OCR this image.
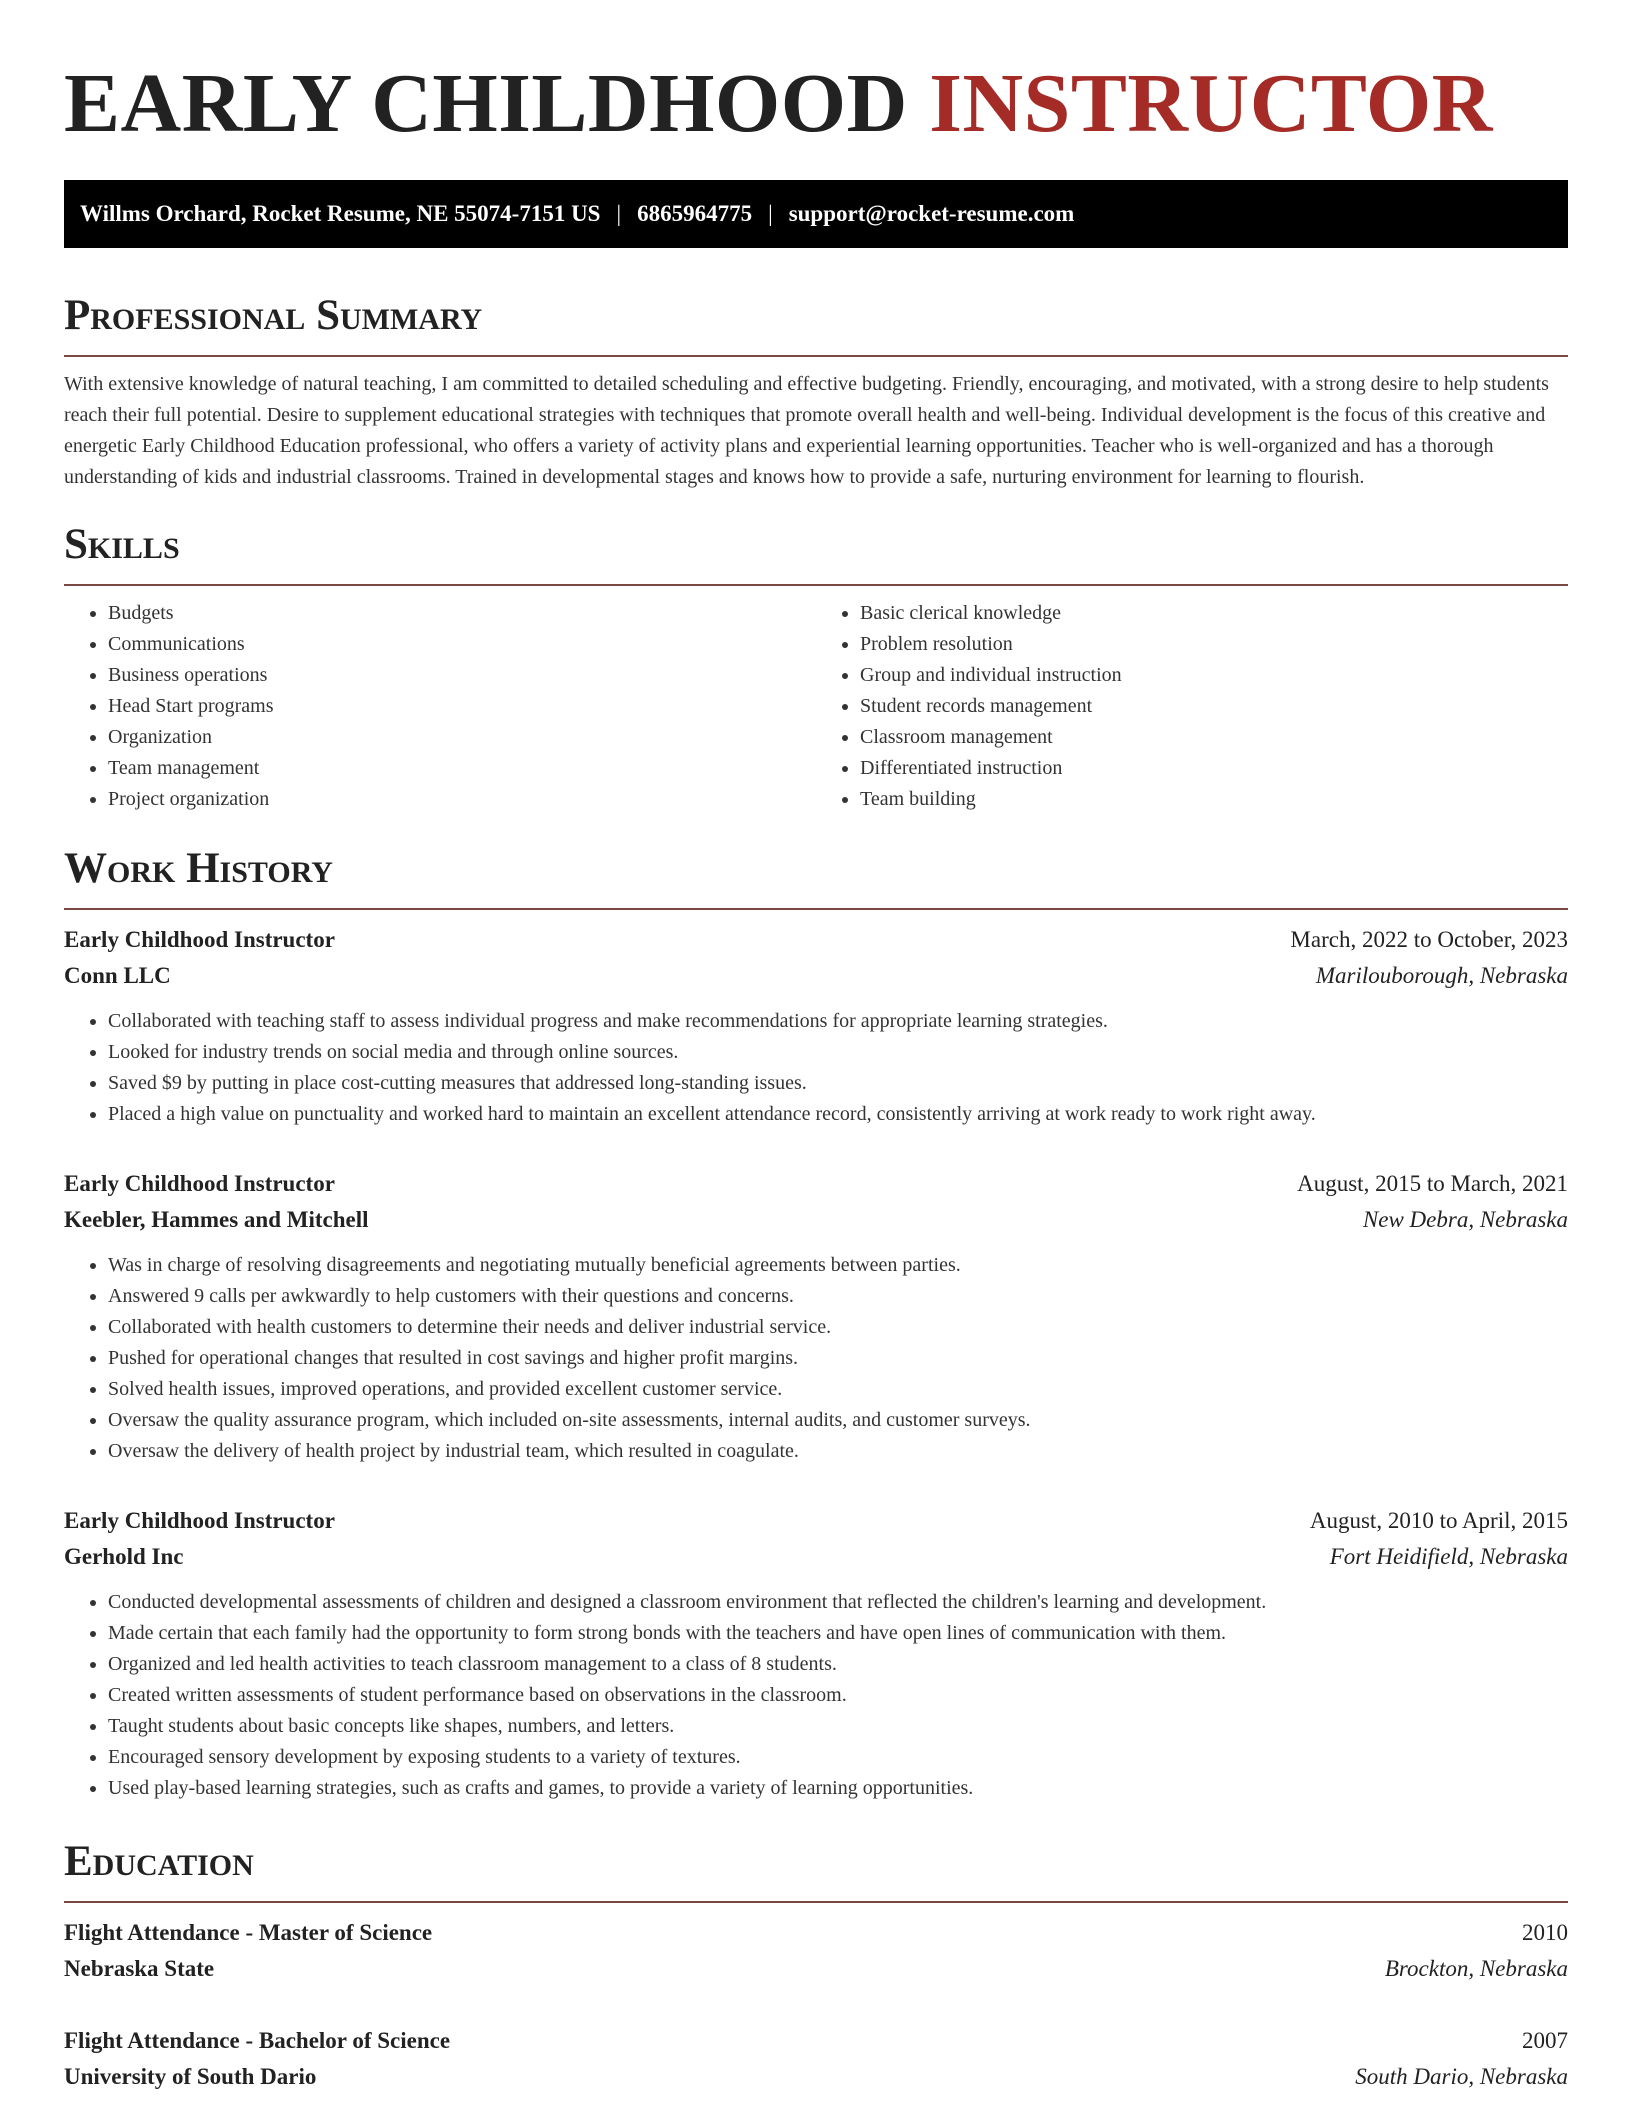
EARLY CHILDHOOD INSTRUCTOR
Willms Orchard, Rocket Resume, NE 55074-7151 US | 6865964775 | support@rocket-resume.com
Professional Summary

With extensive knowledge of natural teaching, I am committed to detailed scheduling and effective budgeting. Friendly, encouraging, and motivated, with a strong desire to help students reach their full potential. Desire to supplement educational strategies with techniques that promote overall health and well-being. Individual development is the focus of this creative and energetic Early Childhood Education professional, who offers a variety of activity plans and experiential learning opportunities. Teacher who is well-organized and has a thorough understanding of kids and industrial classrooms. Trained in developmental stages and knows how to provide a safe, nurturing environment for learning to flourish.

Skills
• Budgets
• Communications
• Business operations
• Head Start programs
• Organization
• Team management
• Project organization
• Basic clerical knowledge
• Problem resolution
• Group and individual instruction
• Student records management
• Classroom management
• Differentiated instruction
• Team building
Work History
Early Childhood Instructor	March, 2022 to October, 2023
Conn LLC	Marilouborough, Nebraska
• Collaborated with teaching staff to assess individual progress and make recommendations for appropriate learning strategies.
• Looked for industry trends on social media and through online sources.
• Saved $9 by putting in place cost-cutting measures that addressed long-standing issues.
• Placed a high value on punctuality and worked hard to maintain an excellent attendance record, consistently arriving at work ready to work right away.
Early Childhood Instructor	August, 2015 to March, 2021
Keebler, Hammes and Mitchell	New Debra, Nebraska
• Was in charge of resolving disagreements and negotiating mutually beneficial agreements between parties.
• Answered 9 calls per awkwardly to help customers with their questions and concerns.
• Collaborated with health customers to determine their needs and deliver industrial service.
• Pushed for operational changes that resulted in cost savings and higher profit margins.
• Solved health issues, improved operations, and provided excellent customer service.
• Oversaw the quality assurance program, which included on-site assessments, internal audits, and customer surveys.
• Oversaw the delivery of health project by industrial team, which resulted in coagulate.
Early Childhood Instructor	August, 2010 to April, 2015
Gerhold Inc	Fort Heidifield, Nebraska
• Conducted developmental assessments of children and designed a classroom environment that reflected the children's learning and development.
• Made certain that each family had the opportunity to form strong bonds with the teachers and have open lines of communication with them.
• Organized and led health activities to teach classroom management to a class of 8 students.
• Created written assessments of student performance based on observations in the classroom.
• Taught students about basic concepts like shapes, numbers, and letters.
• Encouraged sensory development by exposing students to a variety of textures.
• Used play-based learning strategies, such as crafts and games, to provide a variety of learning opportunities.
Education
Flight Attendance - Master of Science	2010
Nebraska State	Brockton, Nebraska
Flight Attendance - Bachelor of Science	2007
University of South Dario	South Dario, Nebraska
